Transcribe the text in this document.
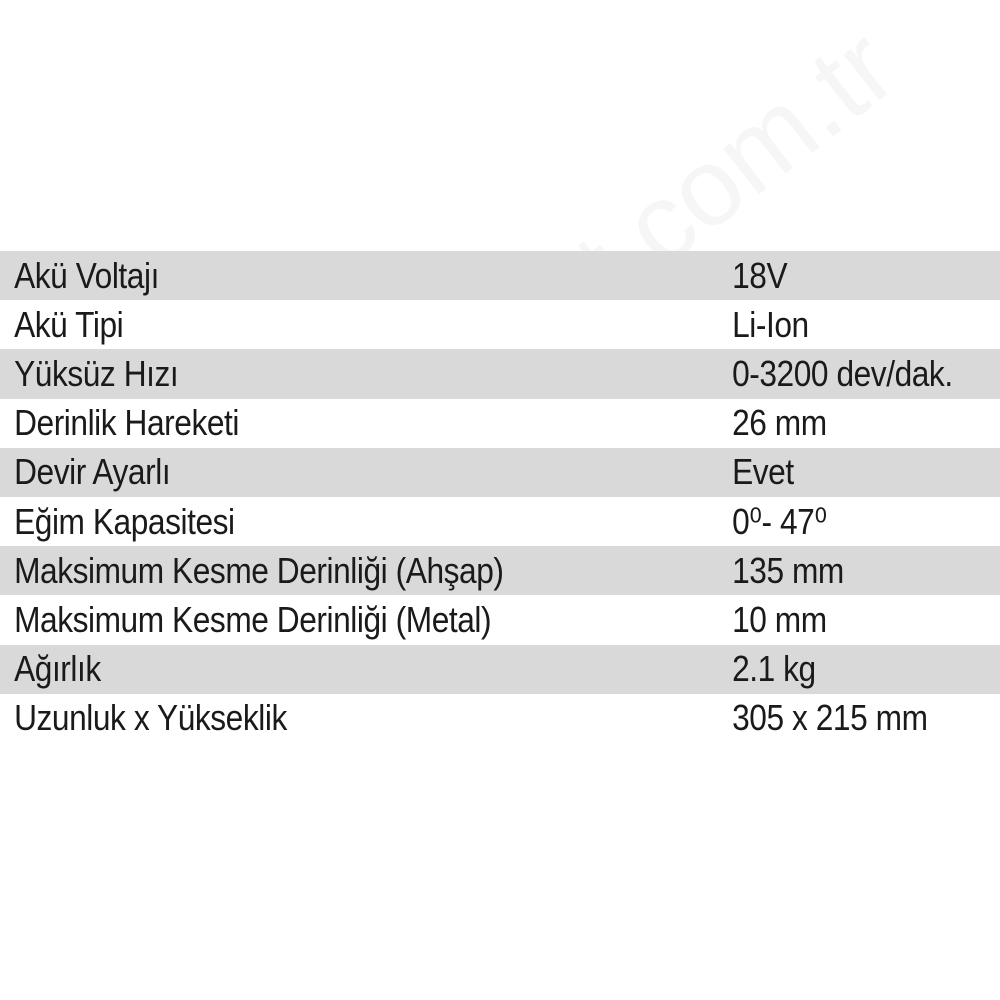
Akü Voltajı	18V
Akü Tipi	Li-Ion
Yüksüz Hızı	0-3200 dev/dak.
Derinlik Hareketi	26 mm
Devir Ayarlı	Evet
Eğim Kapasitesi	0⁰- 47⁰
Maksimum Kesme Derinliği (Ahşap)	135 mm
Maksimum Kesme Derinliği (Metal)	10 mm
Ağırlık	2.1 kg
Uzunluk x Yükseklik	305 x 215 mm
